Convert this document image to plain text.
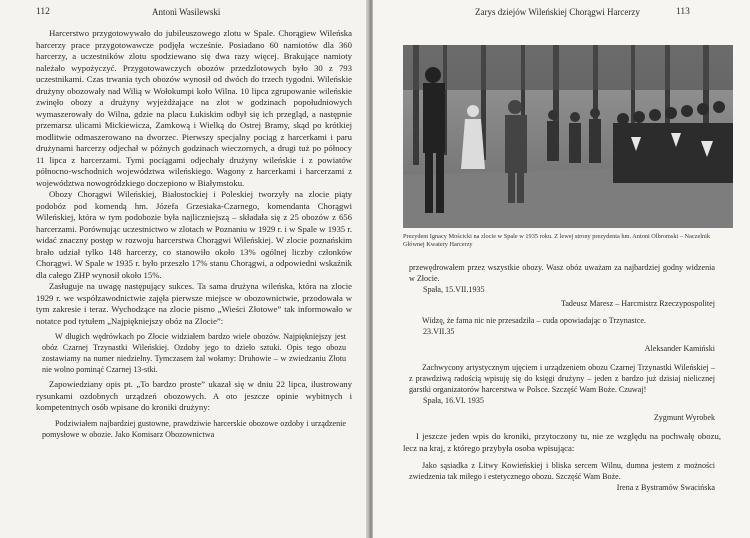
112	Antoni Wasilewski

Harcerstwo przygotowywało do jubileuszowego zlotu w Spale. Chorągiew Wileńska harcerzy prace przygotowawcze podjęła wcześnie. Posiadano 60 namiotów dla 360 harcerzy, a uczestników zlotu spodziewano się dwa razy więcej. Brakujące namioty należało wypożyczyć. Przygotowawczych obozów przedzlotowych było 30 z 793 uczestnikami. Czas trwania tych obozów wynosił od dwóch do trzech tygodni. Wileńskie drużyny obozowały nad Wilią w Wołokumpi koło Wilna. 10 lipca zgrupowanie wileńskie zwinęło obozy a drużyny wyjeżdżające na zlot w godzinach popołudniowych wymaszerowały do Wilna, gdzie na placu Łukiskim odbył się ich przegląd, a następnie przemarsz ulicami Mickiewicza, Zamkową i Wielką do Ostrej Bramy, skąd po krótkiej modlitwie odmaszerowano na dworzec. Pierwszy specjalny pociąg z harcerkami i paru drużynami harcerzy odjechał w późnych godzinach wieczornych, a drugi tuż po północy 11 lipca z harcerzami. Tymi pociągami odjechały drużyny wileńskie i z powiatów północno-wschodnich województwa wileńskiego. Wagony z harcerkami i harcerzami z województwa nowogródzkiego doczepiono w Białymstoku.

Obozy Chorągwi Wileńskiej, Białostockiej i Poleskiej tworzyły na zlocie piąty podobóz pod komendą hm. Józefa Grzesiaka-Czarnego, komendanta Chorągwi Wileńskiej, która w tym podobozie była najliczniejszą – składała się z 25 obozów z 656 harcerzami. Porównując uczestnictwo w zlotach w Poznaniu w 1929 r. i w Spale w 1935 r. widać znaczny postęp w rozwoju harcerstwa Chorągwi Wileńskiej. W zlocie poznańskim brało udział tylko 148 harcerzy, co stanowiło około 13% ogólnej liczby członków Chorągwi. W Spale w 1935 r. było przeszło 17% stanu Chorągwi, a odpowiedni wskaźnik dla całego ZHP wynosił około 15%.

Zasługuje na uwagę następujący sukces. Ta sama drużyna wileńska, która na zlocie 1929 r. we współzawodnictwie zajęła pierwsze miejsce w obozownictwie, przodowała w tym zakresie i teraz. Wychodzące na zlocie pismo „Wieści Złotowe” tak informowało w notatce pod tytułem „Najpiękniejszy obóz na Zlocie”:

W długich wędrówkach po Złocie widziałem bardzo wiele obozów. Najpiękniejszy jest obóz Czarnej Trzynastki Wileńskiej. Ozdoby jego to dzieło sztuki. Opis tego obozu zostawiamy na numer niedzielny. Tymczasem żal wołamy: Druhowie – w zwiedzaniu Złotu nie wolno pominąć Czarnej 13-stki.

Zapowiedziany opis pt. „To bardzo proste” ukazał się w dniu 22 lipca, ilustrowany rysunkami ozdobnych urządzeń obozowych. A oto jeszcze opinie wybitnych i kompetentnych osób wpisane do kroniki drużyny:

Podziwiałem najbardziej gustowne, prawdziwie harcerskie obozowe ozdoby i urządzenie pomysłowe w obozie. Jako Komisarz Obozownictwa

Zarys dziejów Wileńskiej Chorągwi Harcerzy	113
Prezydent Ignacy Mościcki na zlocie w Spale w 1935 roku. Z lewej strony prezydenta hm. Antoni Olbromski – Naczelnik Głównej Kwatery Harcerzy

przewędrowałem przez wszystkie obozy. Wasz obóz uważam za najbardziej godny widzenia w Złocie.

Spała, 15.VII.1935

Tadeusz Maresz – Harcmistrz Rzeczypospolitej

Widzę, że fama nic nie przesadziła – cuda opowiadając o Trzynastce.

23.VII.35

Aleksander Kamiński

Zachwycony artystycznym ujęciem i urządzeniem obozu Czarnej Trzynastki Wileńskiej – z prawdziwą radością wpisuję się do księgi drużyny – jeden z bardzo już dzisiaj nielicznej garstki organizatorów harcerstwa w Polsce. Szczęść Wam Boże. Czuwaj!

Spała, 16.VI. 1935

Zygmunt Wyrobek

I jeszcze jeden wpis do kroniki, przytoczony tu, nie ze względu na pochwałę obozu, lecz na kraj, z którego przybyła osoba wpisująca:

Jako sąsiadka z Litwy Kowieńskiej i bliska sercem Wilnu, dumna jestem z możności zwiedzenia tak miłego i estetycznego obozu. Szczęść Wam Boże.

Irena z Bystramów Swacińska
